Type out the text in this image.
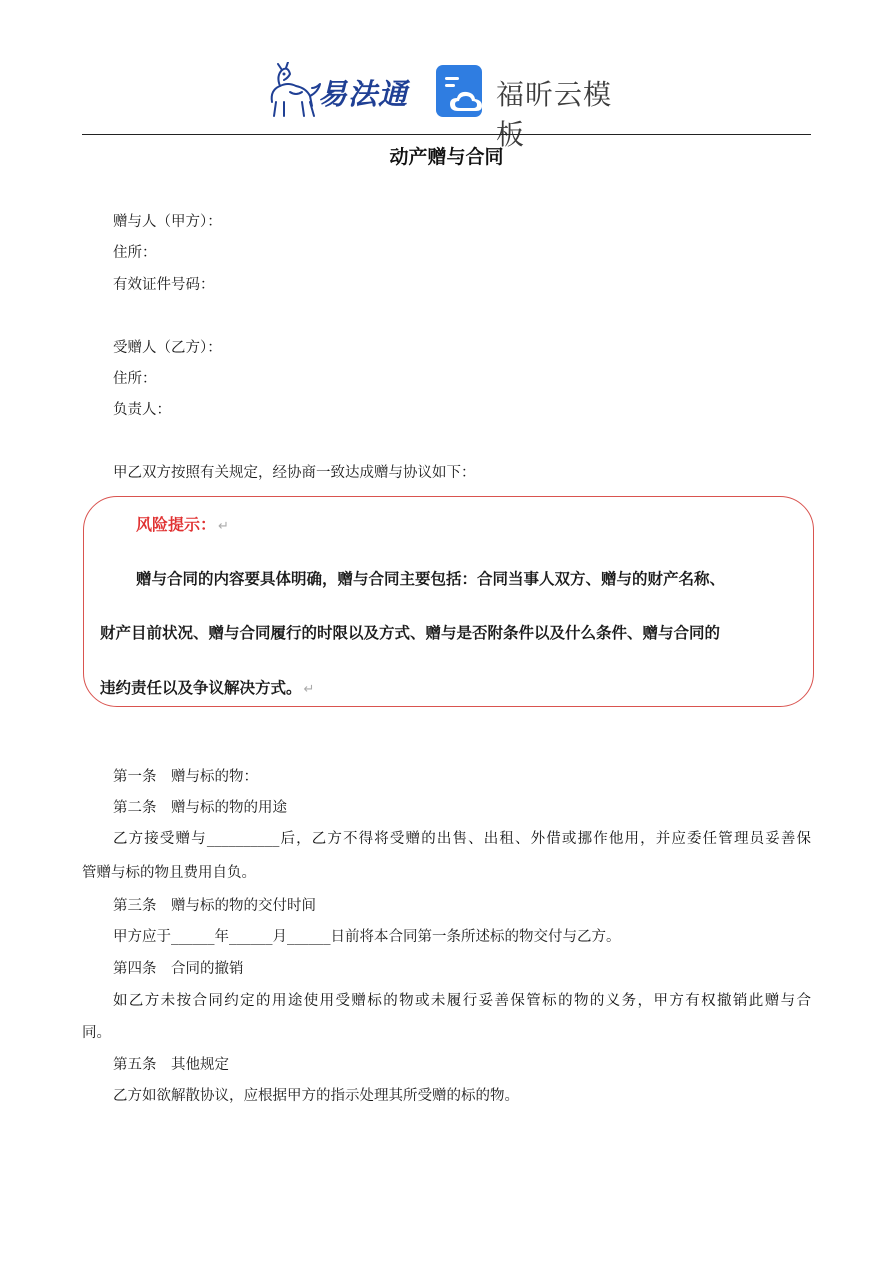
易法通	福昕云模板
动产赠与合同
赠与人（甲方）：
住所：
有效证件号码：
受赠人（乙方）：
住所：
负责人：
甲乙双方按照有关规定，经协商一致达成赠与协议如下：
风险提示： ↵
赠与合同的内容要具体明确，赠与合同主要包括：合同当事人双方、赠与的财产名称、
财产目前状况、赠与合同履行的时限以及方式、赠与是否附条件以及什么条件、赠与合同的
违约责任以及争议解决方式。 ↵
第一条　赠与标的物：
第二条　赠与标的物的用途
乙方接受赠与__________后，乙方不得将受赠的出售、出租、外借或挪作他用，并应委任管理员妥善保
管赠与标的物且费用自负。
第三条　赠与标的物的交付时间
甲方应于______年______月______日前将本合同第一条所述标的物交付与乙方。
第四条　合同的撤销
如乙方未按合同约定的用途使用受赠标的物或未履行妥善保管标的物的义务，甲方有权撤销此赠与合
同。
第五条　其他规定
乙方如欲解散协议，应根据甲方的指示处理其所受赠的标的物。
